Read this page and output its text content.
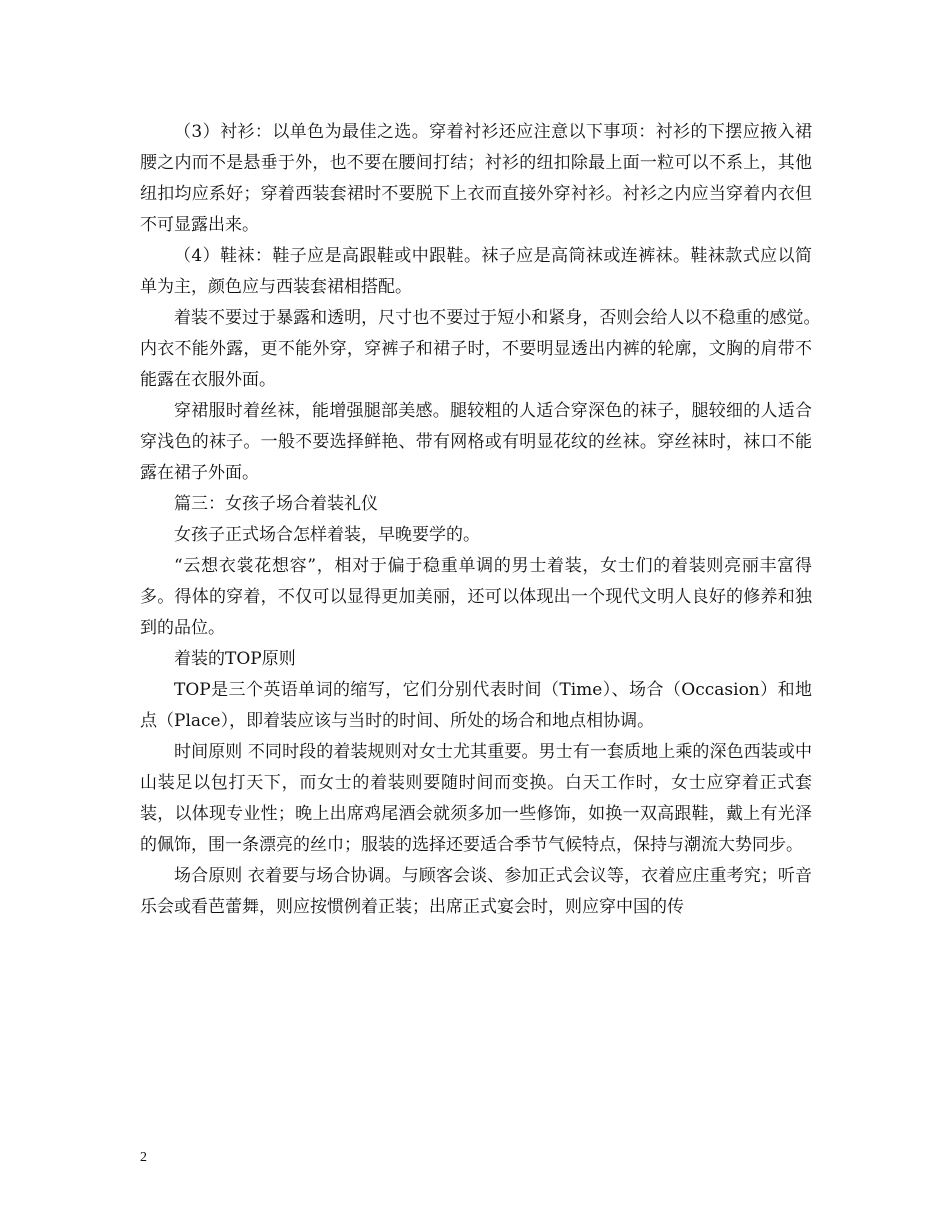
（3）衬衫：以单色为最佳之选。穿着衬衫还应注意以下事项：衬衫的下摆应掖入裙腰之内而不是悬垂于外，也不要在腰间打结；衬衫的纽扣除最上面一粒可以不系上，其他纽扣均应系好；穿着西装套裙时不要脱下上衣而直接外穿衬衫。衬衫之内应当穿着内衣但不可显露出来。

（4）鞋袜：鞋子应是高跟鞋或中跟鞋。袜子应是高筒袜或连裤袜。鞋袜款式应以简单为主，颜色应与西装套裙相搭配。

着装不要过于暴露和透明，尺寸也不要过于短小和紧身，否则会给人以不稳重的感觉。　内衣不能外露，更不能外穿，穿裤子和裙子时，不要明显透出内裤的轮廓，文胸的肩带不能露在衣服外面。

穿裙服时着丝袜，能增强腿部美感。腿较粗的人适合穿深色的袜子，腿较细的人适合穿浅色的袜子。一般不要选择鲜艳、带有网格或有明显花纹的丝袜。穿丝袜时，袜口不能露在裙子外面。

篇三：女孩子场合着装礼仪

女孩子正式场合怎样着装，早晚要学的。

“云想衣裳花想容”，相对于偏于稳重单调的男士着装，女士们的着装则亮丽丰富得多。得体的穿着，不仅可以显得更加美丽，还可以体现出一个现代文明人良好的修养和独到的品位。

着装的TOP原则

TOP是三个英语单词的缩写，它们分别代表时间（Time）、场合（Occasion）和地点（Place），即着装应该与当时的时间、所处的场合和地点相协调。

时间原则 不同时段的着装规则对女士尤其重要。男士有一套质地上乘的深色西装或中山装足以包打天下，而女士的着装则要随时间而变换。白天工作时，女士应穿着正式套装，以体现专业性；晚上出席鸡尾酒会就须多加一些修饰，如换一双高跟鞋，戴上有光泽的佩饰，围一条漂亮的丝巾；服装的选择还要适合季节气候特点，保持与潮流大势同步。

场合原则 衣着要与场合协调。与顾客会谈、参加正式会议等，衣着应庄重考究；听音乐会或看芭蕾舞，则应按惯例着正装；出席正式宴会时，则应穿中国的传

2
